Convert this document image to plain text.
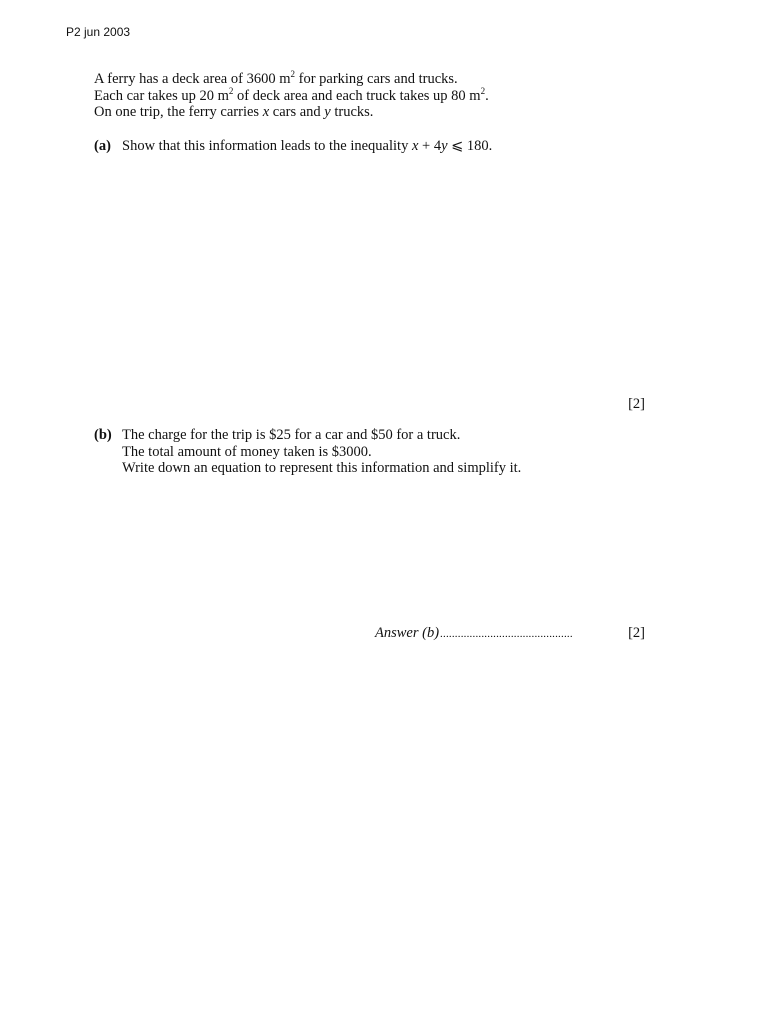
P2 jun 2003

A ferry has a deck area of 3600 $m^2$ for parking cars and trucks.

Each car takes up 20 $m^2$ of deck area and each truck takes up 80 $m^2$.

On one trip, the ferry carries x cars and y trucks.

(a) Show that this information leads to the inequality x + 4y ⩽ 180.

[2]
(b) The charge for the trip is $25 for a car and $50 for a truck.

The total amount of money taken is $3000.

Write down an equation to represent this information and simplify it.

Answer (b).............................................	[2]
